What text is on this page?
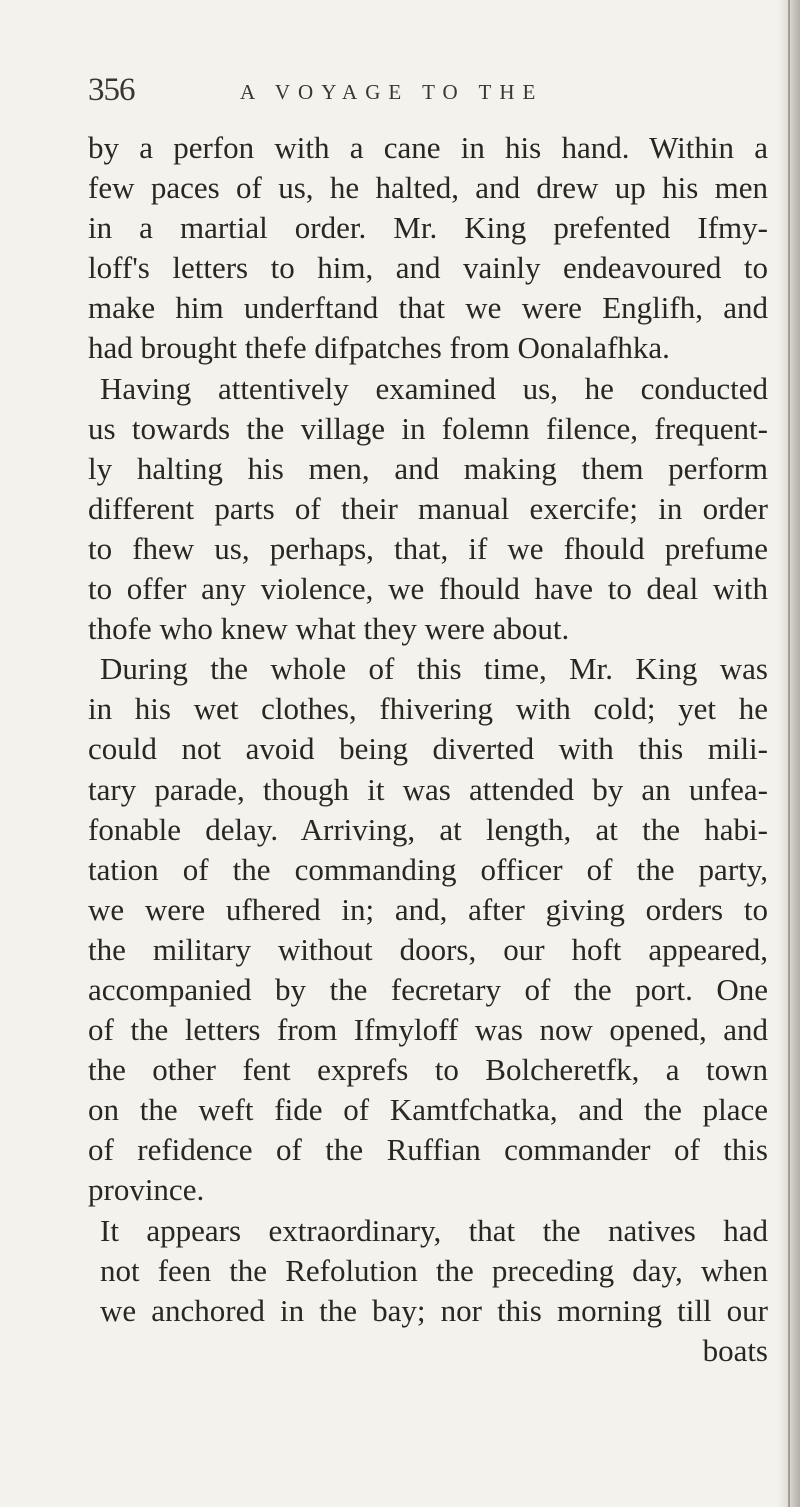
356	A VOYAGE TO THE
by a perfon with a cane in his hand. Within a
few paces of us, he halted, and drew up his men
in a martial order. Mr. King prefented Ifmy-
loff's letters to him, and vainly endeavoured to
make him underftand that we were Englifh, and
had brought thefe difpatches from Oonalafhka.
Having attentively examined us, he conducted
us towards the village in folemn filence, frequent-
ly halting his men, and making them perform
different parts of their manual exercife; in order
to fhew us, perhaps, that, if we fhould prefume
to offer any violence, we fhould have to deal with
thofe who knew what they were about.
During the whole of this time, Mr. King was
in his wet clothes, fhivering with cold; yet he
could not avoid being diverted with this mili-
tary parade, though it was attended by an unfea-
fonable delay. Arriving, at length, at the habi-
tation of the commanding officer of the party,
we were ufhered in; and, after giving orders to
the military without doors, our hoft appeared,
accompanied by the fecretary of the port. One
of the letters from Ifmyloff was now opened, and
the other fent exprefs to Bolcheretfk, a town
on the weft fide of Kamtfchatka, and the place
of refidence of the Ruffian commander of this
province.
It appears extraordinary, that the natives had
not feen the Refolution the preceding day, when
we anchored in the bay; nor this morning till our
boats
